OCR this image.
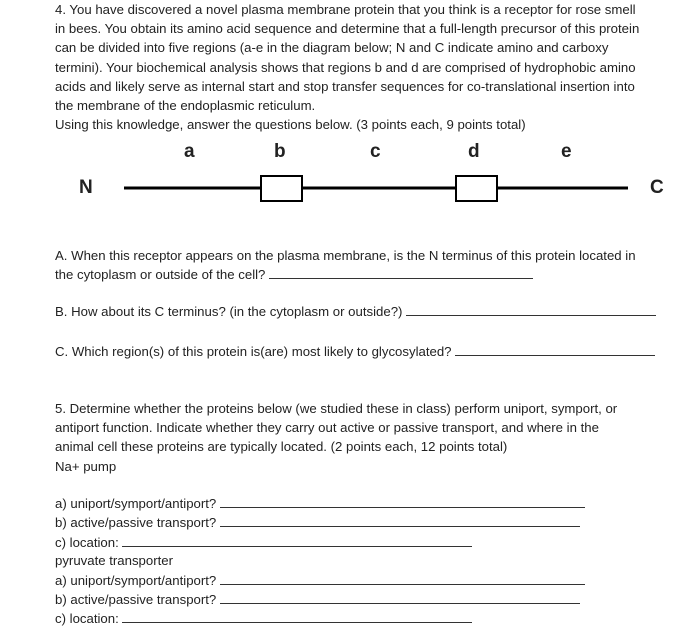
4. You have discovered a novel plasma membrane protein that you think is a receptor for rose smell
in bees. You obtain its amino acid sequence and determine that a full-length precursor of this protein
can be divided into five regions (a-e in the diagram below; N and C indicate amino and carboxy
termini). Your biochemical analysis shows that regions b and d are comprised of hydrophobic amino
acids and likely serve as internal start and stop transfer sequences for co-translational insertion into
the membrane of the endoplasmic reticulum.
Using this knowledge, answer the questions below. (3 points each, 9 points total)
a	b	c	d	e
N	C
A. When this receptor appears on the plasma membrane, is the N terminus of this protein located in
the cytoplasm or outside of the cell?
B. How about its C terminus? (in the cytoplasm or outside?)
C. Which region(s) of this protein is(are) most likely to glycosylated?
5. Determine whether the proteins below (we studied these in class) perform uniport, symport, or
antiport function. Indicate whether they carry out active or passive transport, and where in the
animal cell these proteins are typically located. (2 points each, 12 points total)
Na+ pump
a) uniport/symport/antiport?
b) active/passive transport?
c) location:
pyruvate transporter
a) uniport/symport/antiport?
b) active/passive transport?
c) location:
